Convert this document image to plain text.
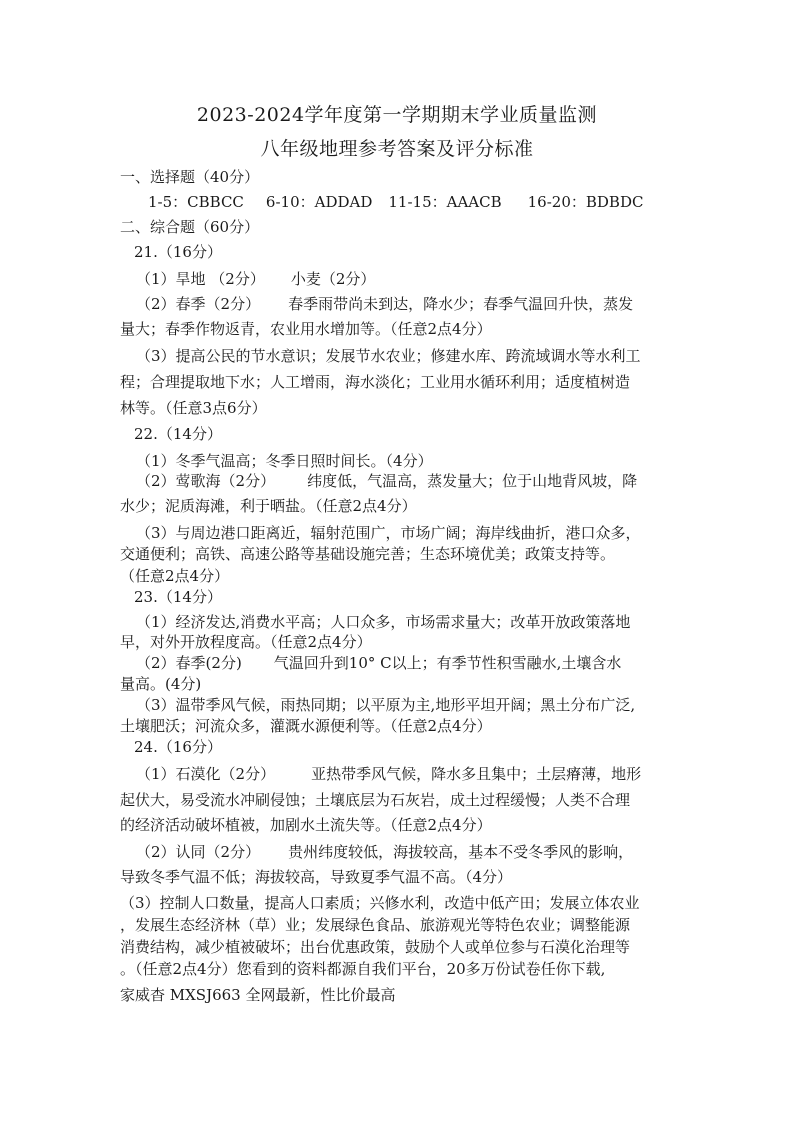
2023-2024学年度第一学期期末学业质量监测
八年级地理参考答案及评分标准
一、选择题（40分）
1-5：CBBCC 6-10：ADDAD 11-15：AAACB 16-20：BDBDC
二、综合题（60分）
21.（16分）
（1）旱地 （2分） 小麦（2分）
（2）春季（2分） 春季雨带尚未到达，降水少；春季气温回升快，蒸发
量大；春季作物返青，农业用水增加等。（任意2点4分）
（3）提高公民的节水意识；发展节水农业；修建水库、跨流域调水等水利工
程；合理提取地下水；人工增雨，海水淡化；工业用水循环利用；适度植树造
林等。（任意3点6分）
22.（14分）
（1）冬季气温高；冬季日照时间长。（4分）
（2）莺歌海（2分） 纬度低，气温高，蒸发量大；位于山地背风坡，降
水少；泥质海滩，利于晒盐。（任意2点4分）
（3）与周边港口距离近，辐射范围广，市场广阔；海岸线曲折，港口众多，
交通便利；高铁、高速公路等基础设施完善；生态环境优美；政策支持等。
（任意2点4分）
23.（14分）
（1）经济发达,消费水平高；人口众多，市场需求量大；改革开放政策落地
早，对外开放程度高。（任意2点4分）
（2）春季(2分) 气温回升到10° C以上；有季节性积雪融水,土壤含水
量高。(4分)
（3）温带季风气候，雨热同期；以平原为主,地形平坦开阔；黑土分布广泛,
土壤肥沃；河流众多，灌溉水源便利等。（任意2点4分）
24.（16分）
（1）石漠化（2分） 亚热带季风气候，降水多且集中；土层瘠薄，地形
起伏大，易受流水冲刷侵蚀；土壤底层为石灰岩，成土过程缓慢；人类不合理
的经济活动破坏植被，加剧水土流失等。（任意2点4分）
（2）认同（2分） 贵州纬度较低，海拔较高，基本不受冬季风的影响，
导致冬季气温不低；海拔较高，导致夏季气温不高。（4分）
（3）控制人口数量，提高人口素质；兴修水利，改造中低产田；发展立体农业
，发展生态经济林（草）业；发展绿色食品、旅游观光等特色农业；调整能源
消费结构，减少植被破坏；出台优惠政策，鼓励个人或单位参与石漠化治理等
。（任意2点4分）您看到的资料都源自我们平台，20多万份试卷任你下载,
家威杳 MXSJ663 全网最新，性比价最高
